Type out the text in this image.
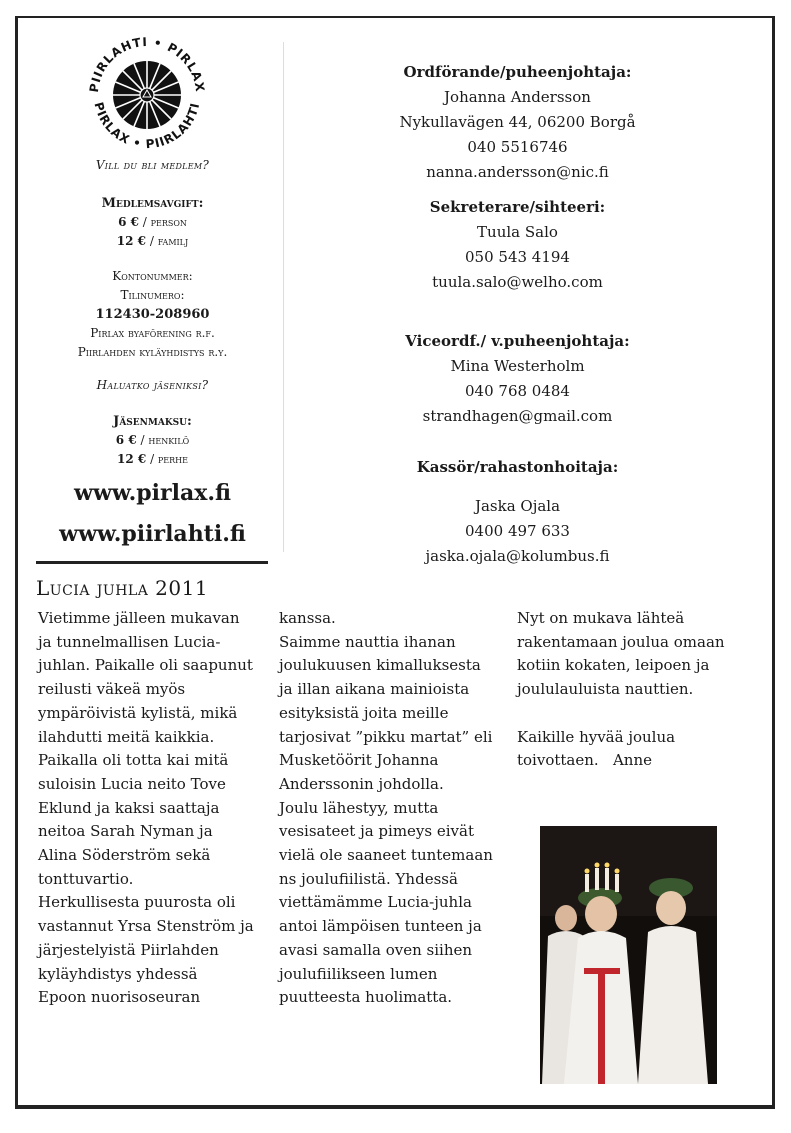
PIIRLAHTI • PIRLAX
PIRLAX • PIIRLAHTI
Vill du bli medlem?
Medlemsavgift:
6 € / person
12 € / familj
Kontonummer:
Tilinumero:
112430-208960
Pirlax byaförening r.f.
Piirlahden kyläyhdistys r.y.
Haluatko jäseniksi?
Jäsenmaksu:
6 € / henkilö
12 € / perhe
www.pirlax.fi
www.piirlahti.fi
Ordförande/puheenjohtaja:
Johanna Andersson
Nykullavägen 44, 06200 Borgå
040 5516746
nanna.andersson@nic.fi
Sekreterare/sihteeri:
Tuula Salo
050 543 4194
tuula.salo@welho.com
Viceordf./ v.puheenjohtaja:
Mina Westerholm
040 768 0484
strandhagen@gmail.com
Kassör/rahastonhoitaja:
Jaska Ojala
0400 497 633
jaska.ojala@kolumbus.fi
Lucia juhla 2011

Vietimme jälleen mukavan

ja tunnelmallisen Lucia-

juhlan. Paikalle oli saapunut

reilusti väkeä myös

ympäröivistä kylistä, mikä

ilahdutti meitä kaikkia.

Paikalla oli totta kai mitä

suloisin Lucia neito Tove

Eklund ja kaksi saattaja

neitoa Sarah Nyman ja

Alina Söderström sekä

tonttuvartio.

Herkullisesta puurosta oli

vastannut Yrsa Stenström ja

järjestelyistä Piirlahden

kyläyhdistys yhdessä

Epoon nuorisoseuran

kanssa.

Saimme nauttia ihanan

joulukuusen kimalluksesta

ja illan aikana mainioista

esityksistä joita meille

tarjosivat ”pikku martat” eli

Musketöörit Johanna

Anderssonin johdolla.

Joulu lähestyy, mutta

vesisateet ja pimeys eivät

vielä ole saaneet tuntemaan

ns joulufiilistä. Yhdessä

viettämämme Lucia-juhla

antoi lämpöisen tunteen ja

avasi samalla oven siihen

joulufiilikseen lumen

puutteesta huolimatta.

Nyt on mukava lähteä

rakentamaan joulua omaan

kotiin kokaten, leipoen ja

joululauluista nauttien.

Kaikille hyvää joulua

toivottaen.   Anne
